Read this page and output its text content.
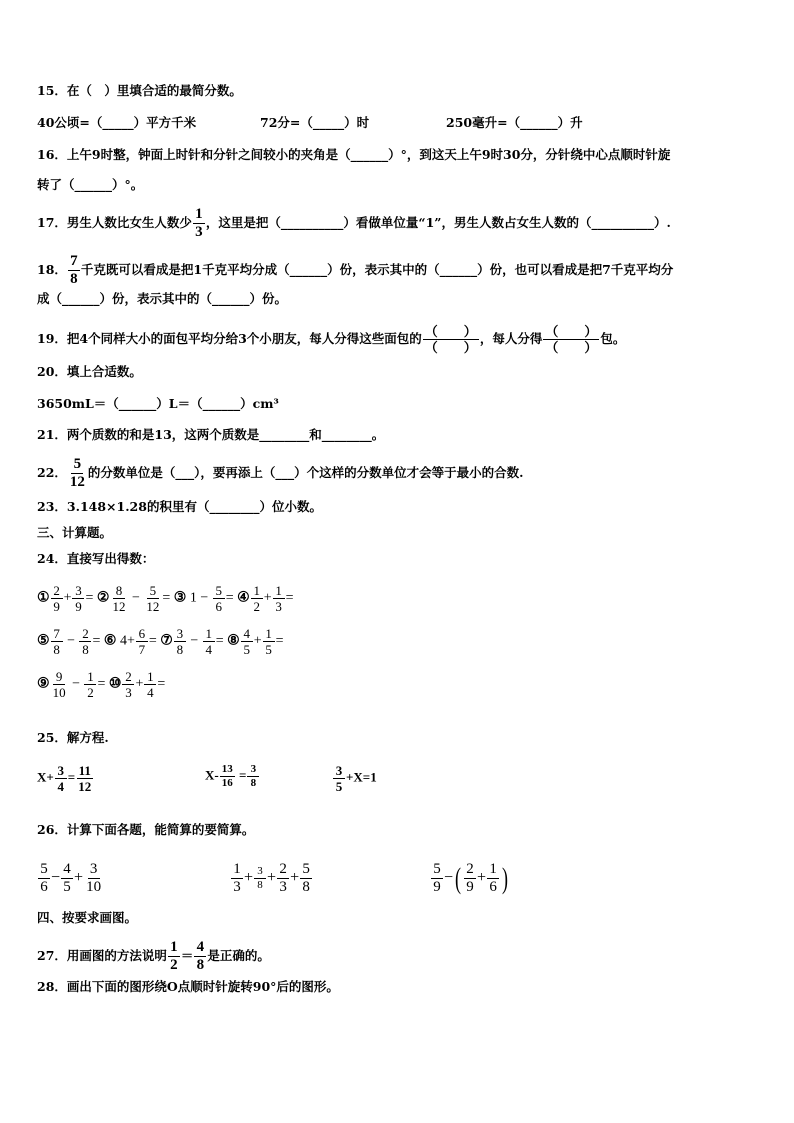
15．在（　）里填合适的最简分数。
40公顷=（_____）平方千米	72分=（_____）时	250毫升=（______）升
16．上午9时整，钟面上时针和分针之间较小的夹角是（______）°，到这天上午9时30分，分针绕中心点顺时针旋
转了（______）°。
17．男生人数比女生人数少 $\frac{1}{3}$ ，这里是把（__________）看做单位量“1”，男生人数占女生人数的（__________）.
18． $\frac{7}{8}$ 千克既可以看成是把1千克平均分成（______）份，表示其中的（______）份，也可以看成是把7千克平均分
成（______）份，表示其中的（______）份。
19．把4个同样大小的面包平均分给3个小朋友，每人分得这些面包的 （　　）
（　　）
，每人分得 （　　）
（　　）
包。
20．填上合适数。
3650mL＝（______）L＝（______）cm³
21．两个质数的和是13，这两个质数是________和________。
22． $\frac{5}{12}$ 的分数单位是（___），要再添上（___）个这样的分数单位才会等于最小的合数.
23．3.148×1.28的积里有（________）位小数。
三、计算题。
24．直接写出得数：
① $\frac{2}{9} + \frac{3}{9}$ = ② $\frac{8}{12} - \frac{5}{12}$ = ③ $1 - \frac{5}{6}$ = ④ $\frac{1}{2} + \frac{1}{3}$ =
⑤ $\frac{7}{8} - \frac{2}{8}$ = ⑥ $4+ \frac{6}{7}$ = ⑦ $\frac{3}{8} - \frac{1}{4}$ = ⑧ $\frac{4}{5} + \frac{1}{5}$ =
⑨ $\frac{9}{10} - \frac{1}{2}$ = ⑩ $\frac{2}{3} + \frac{1}{4}$ =
25．解方程.
$X+ \frac{3}{4} = \frac{11}{12}$	$X- \frac{13}{16} = \frac{3}{8}$	$\frac{3}{5} +X=1$
26．计算下面各题，能简算的要简算。
$\frac{5}{6} - \frac{4}{5} + \frac{3}{10}$	$\frac{1}{3} + \frac{3}{8} + \frac{2}{3} + \frac{5}{8}$	$\frac{5}{9}$ −( $\frac{2}{9} + \frac{1}{6}$ )
四、按要求画图。
27．用画图的方法说明 $\frac{1}{2} = \frac{4}{8}$ 是正确的。
28．画出下面的图形绕O点顺时针旋转90°后的图形。
